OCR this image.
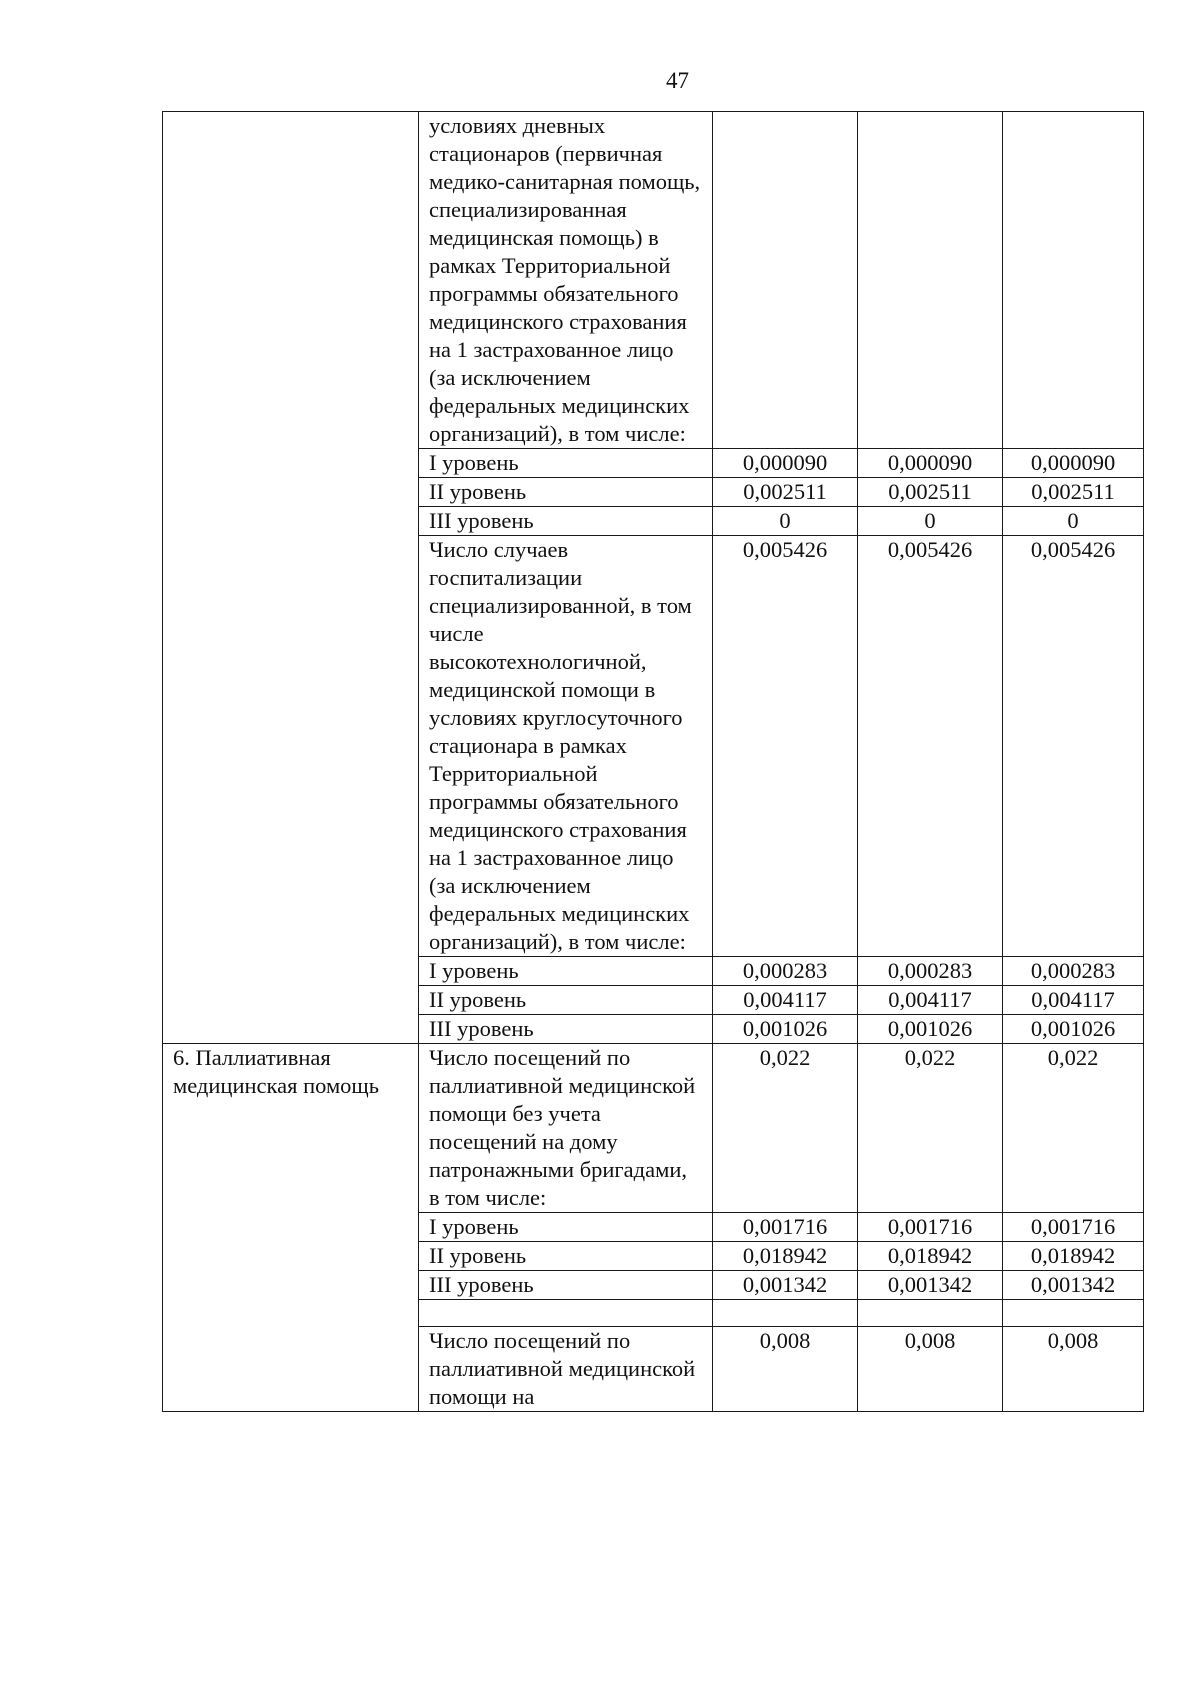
47
	условиях дневных стационаров (первичная медико-санитарная помощь, специализированная медицинская помощь) в рамках Территориальной программы обязательного медицинского страхования на 1 застрахованное лицо (за исключением федеральных медицинских организаций), в том числе:			
	I уровень	0,000090	0,000090	0,000090
	II уровень	0,002511	0,002511	0,002511
	III уровень	0	0	0
	Число случаев госпитализации специализированной, в том числе высокотехнологичной, медицинской помощи в условиях круглосуточного стационара в рамках Территориальной программы обязательного медицинского страхования на 1 застрахованное лицо (за исключением федеральных медицинских организаций), в том числе:	0,005426	0,005426	0,005426
	I уровень	0,000283	0,000283	0,000283
	II уровень	0,004117	0,004117	0,004117
	III уровень	0,001026	0,001026	0,001026
6. Паллиативная медицинская помощь	Число посещений по паллиативной медицинской помощи без учета посещений на дому патронажными бригадами, в том числе:	0,022	0,022	0,022
	I уровень	0,001716	0,001716	0,001716
	II уровень	0,018942	0,018942	0,018942
	III уровень	0,001342	0,001342	0,001342

	Число посещений по паллиативной медицинской помощи на	0,008	0,008	0,008
